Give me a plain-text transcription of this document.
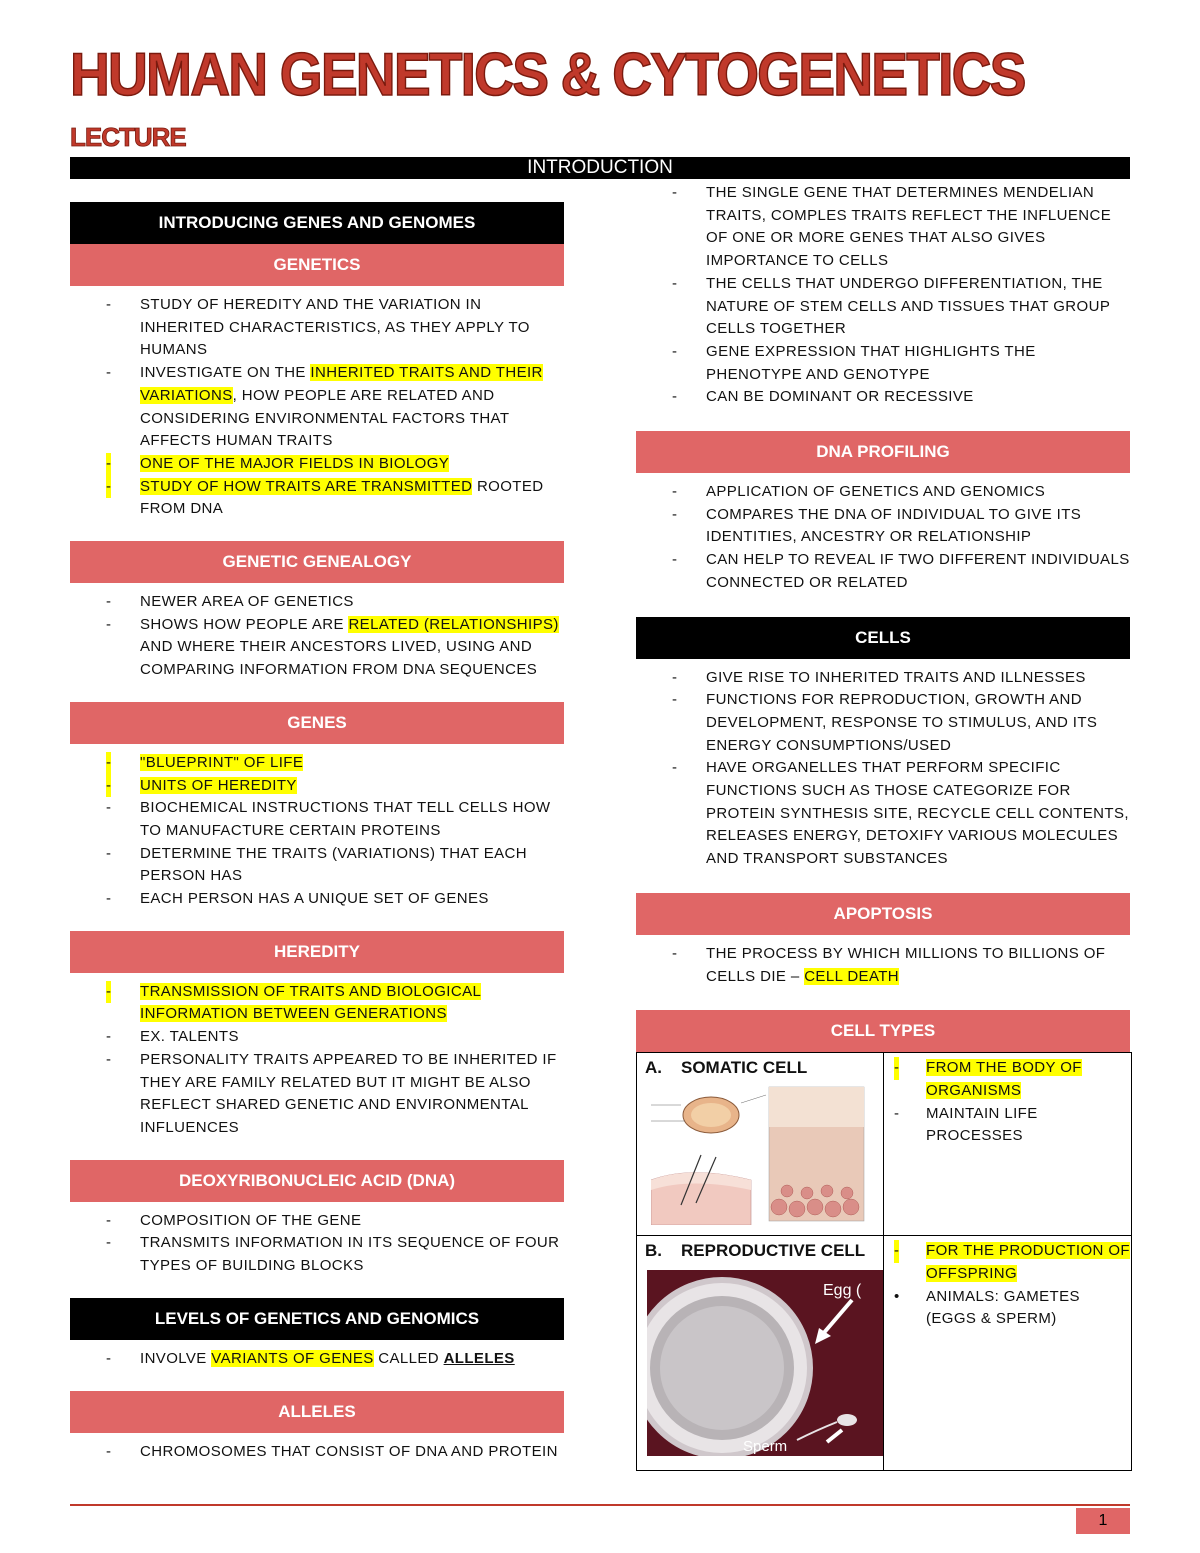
HUMAN GENETICS & CYTOGENETICS
LECTURE
INTRODUCTION
INTRODUCING GENES AND GENOMES
GENETICS
- STUDY OF HEREDITY AND THE VARIATION IN INHERITED CHARACTERISTICS, AS THEY APPLY TO HUMANS
- INVESTIGATE ON THE INHERITED TRAITS AND THEIR VARIATIONS, HOW PEOPLE ARE RELATED AND CONSIDERING ENVIRONMENTAL FACTORS THAT AFFECTS HUMAN TRAITS
- ONE OF THE MAJOR FIELDS IN BIOLOGY
- STUDY OF HOW TRAITS ARE TRANSMITTED ROOTED FROM DNA
GENETIC GENEALOGY
- NEWER AREA OF GENETICS
- SHOWS HOW PEOPLE ARE RELATED (RELATIONSHIPS) AND WHERE THEIR ANCESTORS LIVED, USING AND COMPARING INFORMATION FROM DNA SEQUENCES
GENES
- "BLUEPRINT" OF LIFE
- UNITS OF HEREDITY
- BIOCHEMICAL INSTRUCTIONS THAT TELL CELLS HOW TO MANUFACTURE CERTAIN PROTEINS
- DETERMINE THE TRAITS (VARIATIONS) THAT EACH PERSON HAS
- EACH PERSON HAS A UNIQUE SET OF GENES
HEREDITY
- TRANSMISSION OF TRAITS AND BIOLOGICAL INFORMATION BETWEEN GENERATIONS
- EX. TALENTS
- PERSONALITY TRAITS APPEARED TO BE INHERITED IF THEY ARE FAMILY RELATED BUT IT MIGHT BE ALSO REFLECT SHARED GENETIC AND ENVIRONMENTAL INFLUENCES
DEOXYRIBONUCLEIC ACID (DNA)
- COMPOSITION OF THE GENE
- TRANSMITS INFORMATION IN ITS SEQUENCE OF FOUR TYPES OF BUILDING BLOCKS
LEVELS OF GENETICS AND GENOMICS
- INVOLVE VARIANTS OF GENES CALLED ALLELES
ALLELES
- CHROMOSOMES THAT CONSIST OF DNA AND PROTEIN
- THE SINGLE GENE THAT DETERMINES MENDELIAN TRAITS, COMPLES TRAITS REFLECT THE INFLUENCE OF ONE OR MORE GENES THAT ALSO GIVES IMPORTANCE TO CELLS
- THE CELLS THAT UNDERGO DIFFERENTIATION, THE NATURE OF STEM CELLS AND TISSUES THAT GROUP CELLS TOGETHER
- GENE EXPRESSION THAT HIGHLIGHTS THE PHENOTYPE AND GENOTYPE
- CAN BE DOMINANT OR RECESSIVE
DNA PROFILING
- APPLICATION OF GENETICS AND GENOMICS
- COMPARES THE DNA OF INDIVIDUAL TO GIVE ITS IDENTITIES, ANCESTRY OR RELATIONSHIP
- CAN HELP TO REVEAL IF TWO DIFFERENT INDIVIDUALS CONNECTED OR RELATED
CELLS
- GIVE RISE TO INHERITED TRAITS AND ILLNESSES
- FUNCTIONS FOR REPRODUCTION, GROWTH AND DEVELOPMENT, RESPONSE TO STIMULUS, AND ITS ENERGY CONSUMPTIONS/USED
- HAVE ORGANELLES THAT PERFORM SPECIFIC FUNCTIONS SUCH AS THOSE CATEGORIZE FOR PROTEIN SYNTHESIS SITE, RECYCLE CELL CONTENTS, RELEASES ENERGY, DETOXIFY VARIOUS MOLECULES AND TRANSPORT SUBSTANCES
APOPTOSIS
- THE PROCESS BY WHICH MILLIONS TO BILLIONS OF CELLS DIE – CELL DEATH
CELL TYPES
A. SOMATIC CELL	- FROM THE BODY OF ORGANISMS
- MAINTAIN LIFE PROCESSES
B. REPRODUCTIVE CELL
Egg (
Sperm
- FOR THE PRODUCTION OF OFFSPRING
• ANIMALS: GAMETES (EGGS & SPERM)
1
